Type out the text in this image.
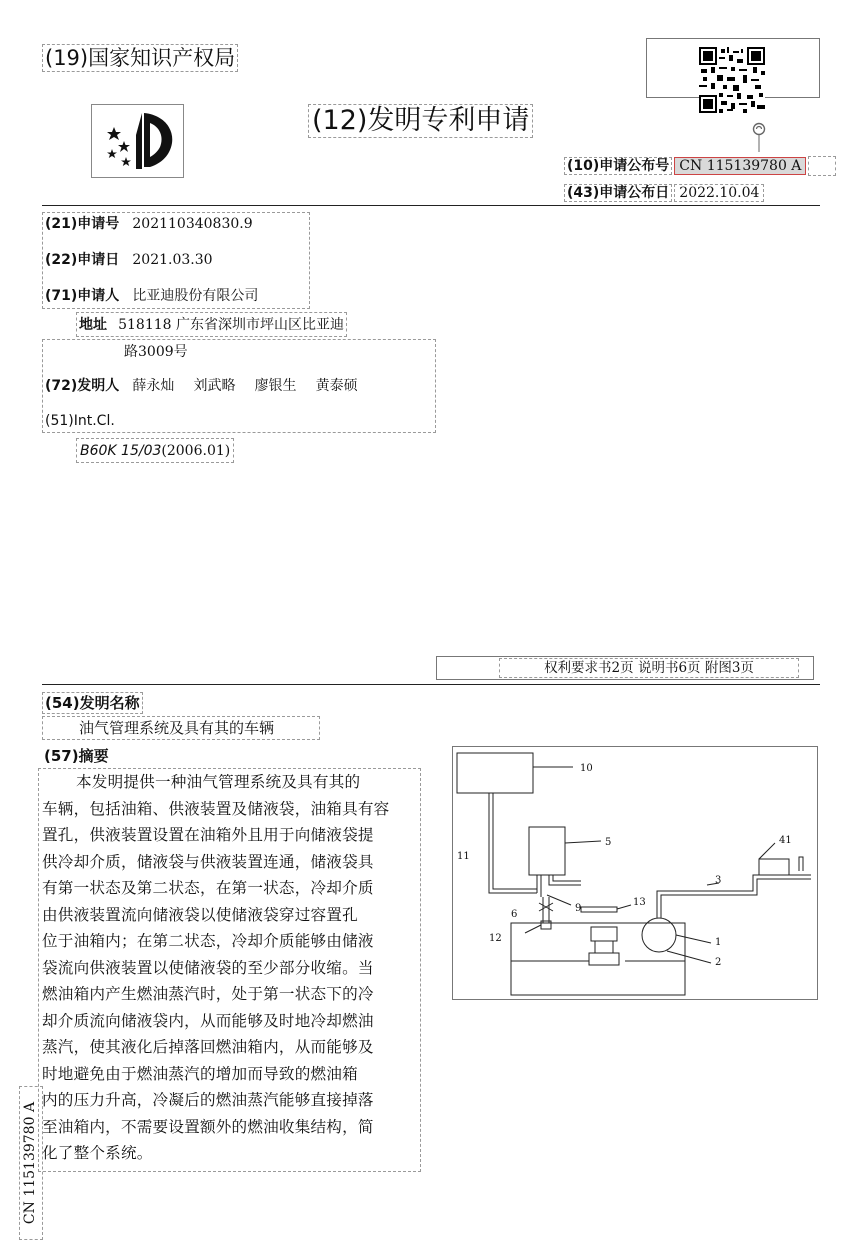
(19)国家知识产权局
(12)发明专利申请
(10)申请公布号 CN 115139780 A
(43)申请公布日 2022.10.04
(21)申请号 202110340830.9
(22)申请日 2021.03.30
(71)申请人 比亚迪股份有限公司
地址 518118 广东省深圳市坪山区比亚迪
路3009号
(72)发明人 薛永灿 刘武略 廖银生 黄泰硕
(51)Int.Cl.
B60K 15/03(2006.01)
权利要求书2页 说明书6页 附图3页
(54)发明名称
油气管理系统及具有其的车辆
(57)摘要

本发明提供一种油气管理系统及具有其的

车辆，包括油箱、供液装置及储液袋，油箱具有容

置孔，供液装置设置在油箱外且用于向储液袋提

供冷却介质，储液袋与供液装置连通，储液袋具

有第一状态及第二状态，在第一状态，冷却介质

由供液装置流向储液袋以使储液袋穿过容置孔

位于油箱内；在第二状态，冷却介质能够由储液

袋流向供液装置以使储液袋的至少部分收缩。当

燃油箱内产生燃油蒸汽时，处于第一状态下的冷

却介质流向储液袋内，从而能够及时地冷却燃油

蒸汽，使其液化后掉落回燃油箱内，从而能够及

时地避免由于燃油蒸汽的增加而导致的燃油箱

内的压力升高，冷凝后的燃油蒸汽能够直接掉落

至油箱内，不需要设置额外的燃油收集结构，简

化了整个系统。

10
5	41
11
3
13
6
9
12	1
2
CN 115139780 A
